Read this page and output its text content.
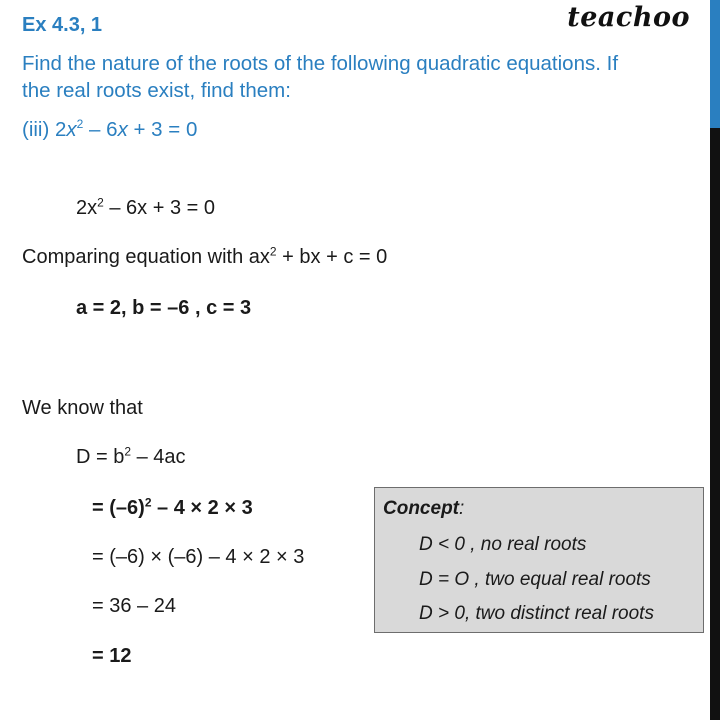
Ex 4.3, 1	teachoo
Find the nature of the roots of the following quadratic equations. If
the real roots exist, find them:
(iii) $2x^2 - 6x + 3 = 0$
$2x^2 - 6x + 3 = 0$
Comparing equation with $ax^2$ + bx + c = 0
a = 2, b = –6 , c = 3
We know that
$D = b^2 - 4ac$
= $(-6)^2 - 4 \times 2 \times 3$
= (–6) × (–6) – 4 × 2 × 3
= 36 – 24
= 12
Concept:
D < 0 , no real roots
D = O , two equal real roots
D > 0, two distinct real roots
